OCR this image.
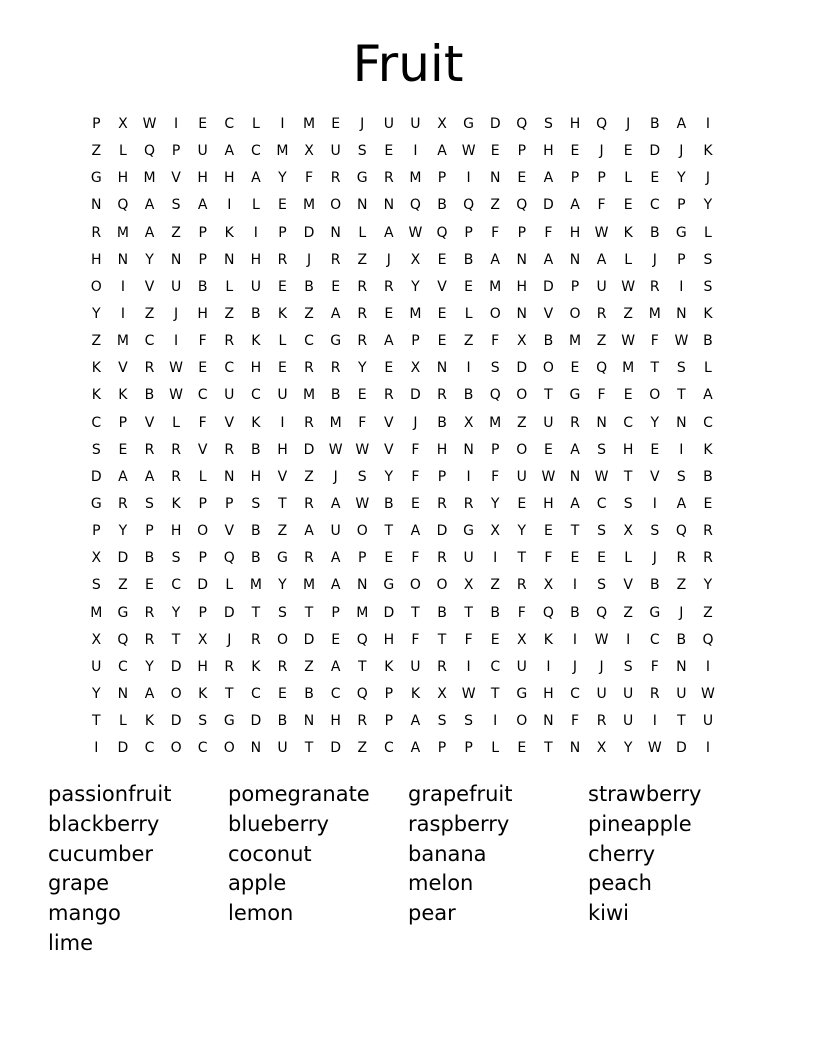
Fruit
P	X	W	I	E	C	L	I	M	E	J	U	U	X	G	D	Q	S	H	Q	J	B	A	I
Z	L	Q	P	U	A	C	M	X	U	S	E	I	A	W	E	P	H	E	J	E	D	J	K
G	H	M	V	H	H	A	Y	F	R	G	R	M	P	I	N	E	A	P	P	L	E	Y	J
N	Q	A	S	A	I	L	E	M	O	N	N	Q	B	Q	Z	Q	D	A	F	E	C	P	Y
R	M	A	Z	P	K	I	P	D	N	L	A	W	Q	P	F	P	F	H	W	K	B	G	L
H	N	Y	N	P	N	H	R	J	R	Z	J	X	E	B	A	N	A	N	A	L	J	P	S
O	I	V	U	B	L	U	E	B	E	R	R	Y	V	E	M	H	D	P	U	W	R	I	S
Y	I	Z	J	H	Z	B	K	Z	A	R	E	M	E	L	O	N	V	O	R	Z	M	N	K
Z	M	C	I	F	R	K	L	C	G	R	A	P	E	Z	F	X	B	M	Z	W	F	W	B
K	V	R	W	E	C	H	E	R	R	Y	E	X	N	I	S	D	O	E	Q	M	T	S	L
K	K	B	W	C	U	C	U	M	B	E	R	D	R	B	Q	O	T	G	F	E	O	T	A
C	P	V	L	F	V	K	I	R	M	F	V	J	B	X	M	Z	U	R	N	C	Y	N	C
S	E	R	R	V	R	B	H	D	W W	V	F	H	N	P	O	E	A	S	H	E	I	K
D	A	A	R	L	N	H	V	Z	J	S	Y	F	P	I	F	U	W	N	W	T	V	S	B
G	R	S	K	P	P	S	T	R	A	W	B	E	R	R	Y	E	H	A	C	S	I	A	E
P	Y	P	H	O	V	B	Z	A	U	O	T	A	D	G	X	Y	E	T	S	X	S	Q	R
X	D	B	S	P	Q	B	G	R	A	P	E	F	R	U	I	T	F	E	E	L	J	R	R
S	Z	E	C	D	L	M	Y	M	A	N	G	O	O	X	Z	R	X	I	S	V	B	Z	Y
M	G	R	Y	P	D	T	S	T	P	M	D	T	B	T	B	F	Q	B	Q	Z	G	J	Z
X	Q	R	T	X	J	R	O	D	E	Q	H	F	T	F	E	X	K	I	W	I	C	B	Q
U	C	Y	D	H	R	K	R	Z	A	T	K	U	R	I	C	U	I	J	J	S	F	N	I
Y	N	A	O	K	T	C	E	B	C	Q	P	K	X	W	T	G	H	C	U	U	R	U	W
T	L	K	D	S	G	D	B	N	H	R	P	A	S	S	I	O	N	F	R	U	I	T	U
I	D	C	O	C	O	N	U	T	D	Z	C	A	P	P	L	E	T	N	X	Y	W	D	I
passionfruit	pomegranate	grapefruit	strawberry
blackberry	blueberry	raspberry	pineapple
cucumber	coconut	banana	cherry
grape	apple	melon	peach
mango	lemon	pear	kiwi
lime
